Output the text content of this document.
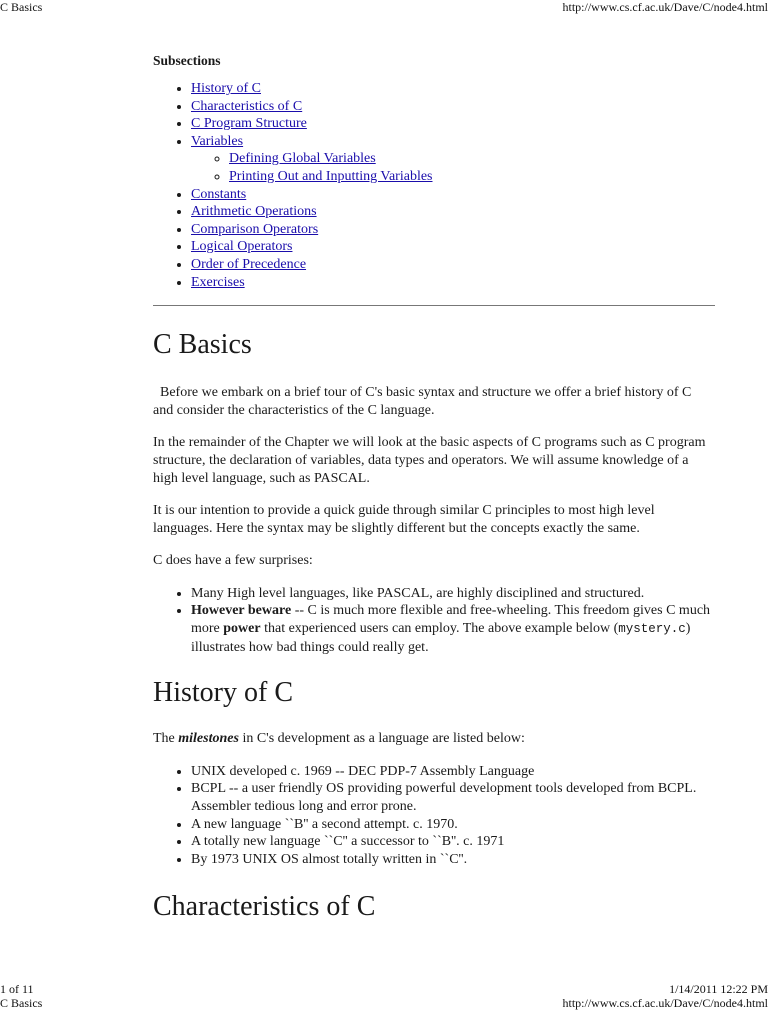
C Basics	http://www.cs.cf.ac.uk/Dave/C/node4.html
Subsections
• History of C
• Characteristics of C
• C Program Structure
• Variables
◦ Defining Global Variables
◦ Printing Out and Inputting Variables
• Constants
• Arithmetic Operations
• Comparison Operators
• Logical Operators
• Order of Precedence
• Exercises
C Basics

Before we embark on a brief tour of C's basic syntax and structure we offer a brief history of C and consider the characteristics of the C language.

In the remainder of the Chapter we will look at the basic aspects of C programs such as C program structure, the declaration of variables, data types and operators. We will assume knowledge of a high level language, such as PASCAL.

It is our intention to provide a quick guide through similar C principles to most high level languages. Here the syntax may be slightly different but the concepts exactly the same.

C does have a few surprises:

• Many High level languages, like PASCAL, are highly disciplined and structured.
• However beware -- C is much more flexible and free-wheeling. This freedom gives C much more power that experienced users can employ. The above example below (mystery.c) illustrates how bad things could really get.
History of C

The milestones in C's development as a language are listed below:

• UNIX developed c. 1969 -- DEC PDP-7 Assembly Language
• BCPL -- a user friendly OS providing powerful development tools developed from BCPL. Assembler tedious long and error prone.
• A new language ``B'' a second attempt. c. 1970.
• A totally new language ``C'' a successor to ``B''. c. 1971
• By 1973 UNIX OS almost totally written in ``C''.
Characteristics of C
1 of 11	1/14/2011 12:22 PM
C Basics	http://www.cs.cf.ac.uk/Dave/C/node4.html
